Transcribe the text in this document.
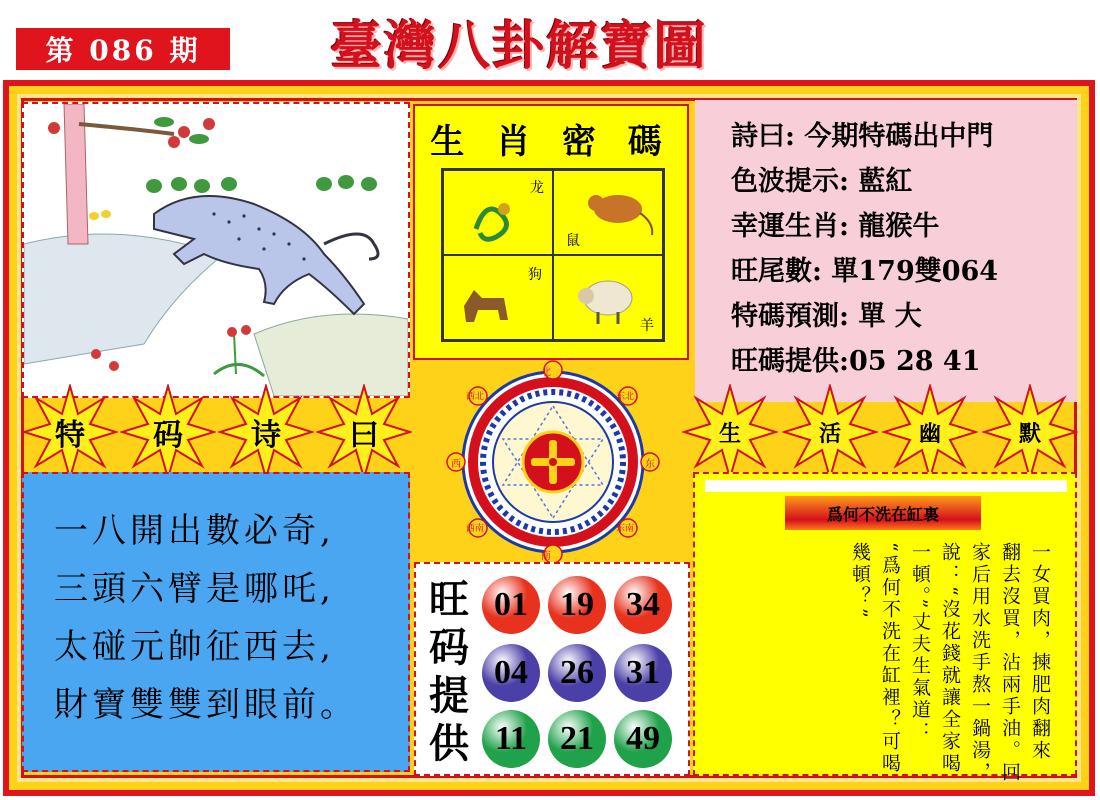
第 086 期	臺灣八卦解寶圖
生 肖 密 碼
龙
鼠
狗
羊
詩曰: 今期特碼出中門
色波提示: 藍紅
幸運生肖: 龍猴牛
旺尾數: 單179雙064
特碼預測: 單 大
旺碼提供:05 28 41
特	码	诗	曰	生	活	幽	默
北
南
西	东
西北	东北
西南	东南
一八開出數必奇,
三頭六臂是哪吒,
太碰元帥征西去,
財寶雙雙到眼前。
旺
码
提
供
01 19 34
04 26 31
11 21 49
爲何不洗在缸裏
一女買肉，揀肥肉翻來
翻去沒買，沾兩手油。回
家后用水洗手熬一鍋湯，
說：“沒花錢就讓全家喝
一頓。”丈夫生氣道：
“爲何不洗在缸裡？可喝
幾頓？”
